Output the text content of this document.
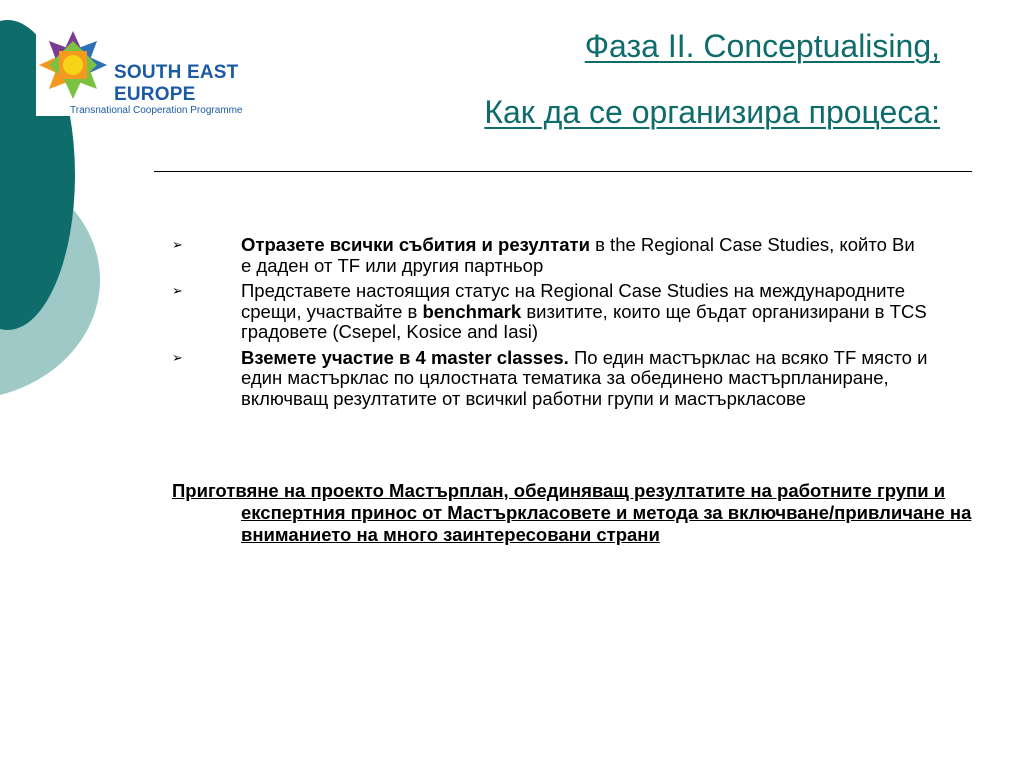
SOUTH EAST
EUROPE
Transnational Cooperation Programme
Фаза II. Conceptualising,
Как да се организира процеса:
➢	Отразете всички събития и резултати в the Regional Case Studies, който Ви е даден от TF или другия партньор
➢	Представете настоящия статус на Regional Case Studies на международните срещи, участвайте в benchmark визитите, които ще бъдат организирани в TCS градовете (Csepel, Kosice and Iasi)
➢	Вземете участие в 4 master classes. По един мастърклас на всяко TF място и един мастърклас по цялостната тематика за обединено мастърпланиране, включващ резултатите от всичкиl работни групи и мастъркласове
Приготвяне на проекто Мастърплан, обединяващ резултатите на работните групи и експертния принос от Мастъркласовете и метода за включване/привличане на вниманието на много заинтересовани страни
